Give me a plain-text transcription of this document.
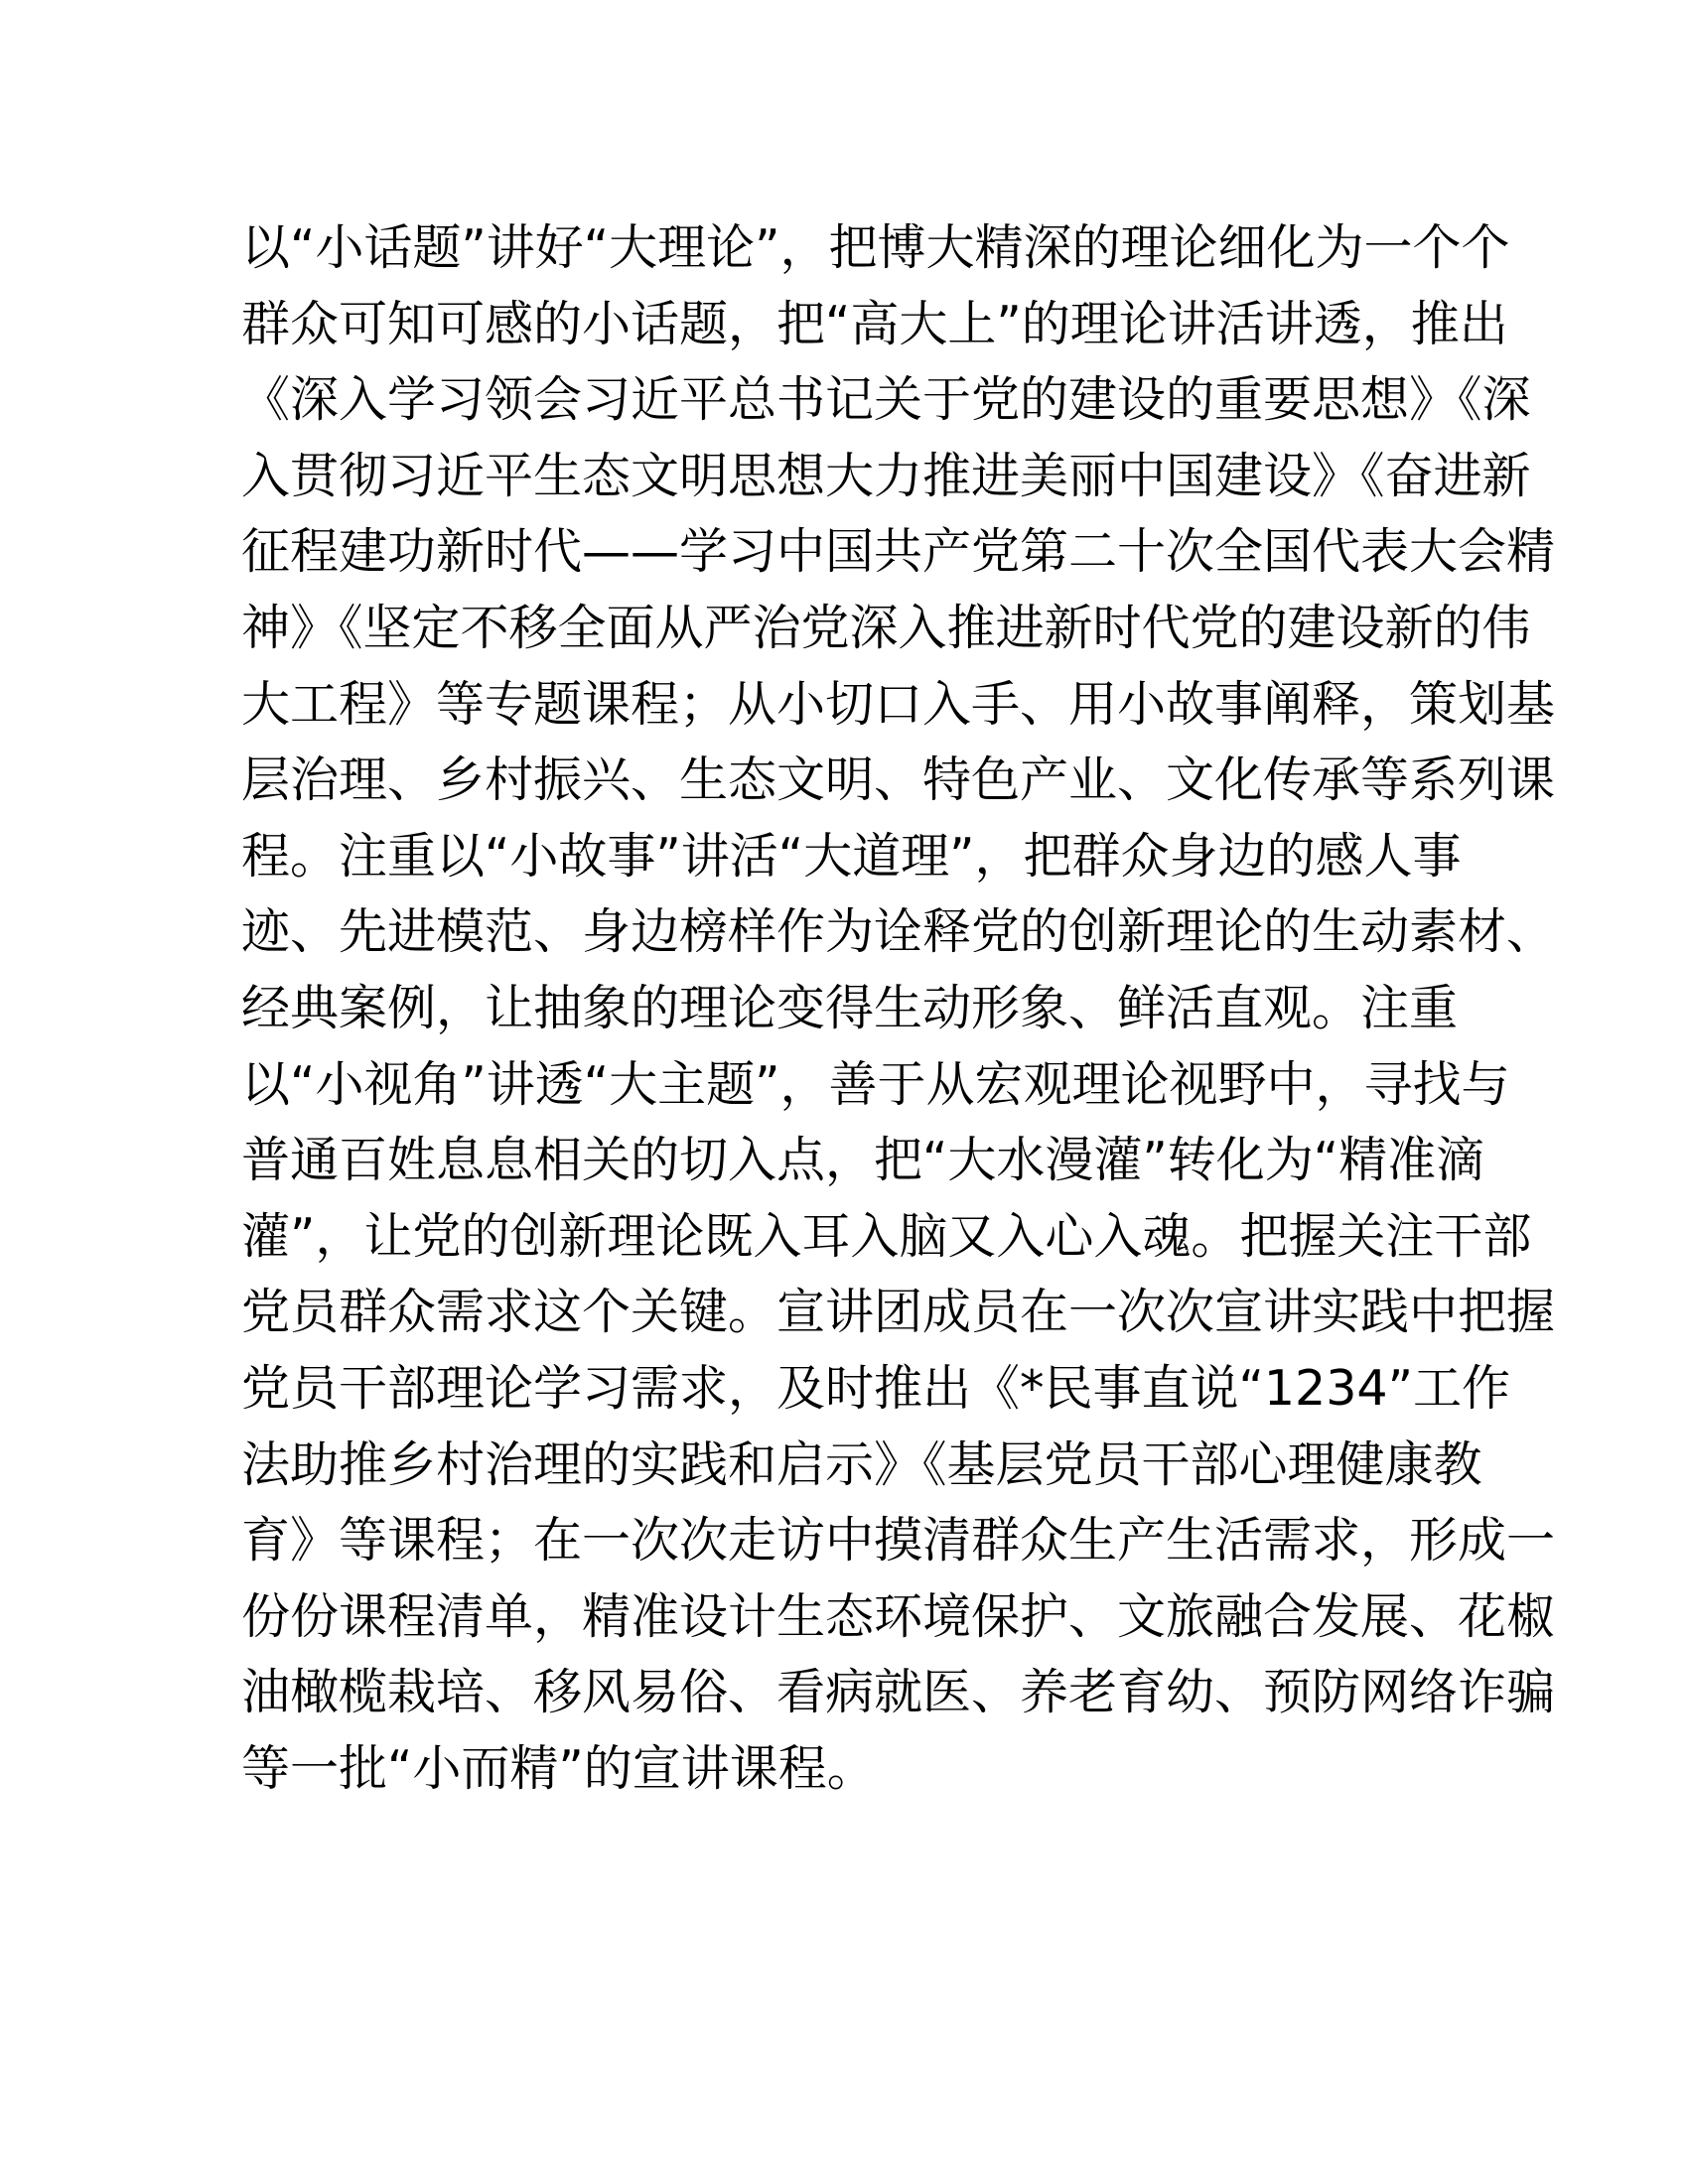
以“小话题”讲好“大理论”，把博大精深的理论细化为一个个
群众可知可感的小话题，把“高大上”的理论讲活讲透，推出
《深入学习领会习近平总书记关于党的建设的重要思想》《深
入贯彻习近平生态文明思想大力推进美丽中国建设》《奋进新
征程建功新时代——学习中国共产党第二十次全国代表大会精
神》《坚定不移全面从严治党深入推进新时代党的建设新的伟
大工程》等专题课程；从小切口入手、用小故事阐释，策划基
层治理、乡村振兴、生态文明、特色产业、文化传承等系列课
程。注重以“小故事”讲活“大道理”，把群众身边的感人事
迹、先进模范、身边榜样作为诠释党的创新理论的生动素材、
经典案例，让抽象的理论变得生动形象、鲜活直观。注重
以“小视角”讲透“大主题”，善于从宏观理论视野中，寻找与
普通百姓息息相关的切入点，把“大水漫灌”转化为“精准滴
灌”，让党的创新理论既入耳入脑又入心入魂。把握关注干部
党员群众需求这个关键。宣讲团成员在一次次宣讲实践中把握
党员干部理论学习需求，及时推出《*民事直说“1234”工作
法助推乡村治理的实践和启示》《基层党员干部心理健康教
育》等课程；在一次次走访中摸清群众生产生活需求，形成一
份份课程清单，精准设计生态环境保护、文旅融合发展、花椒
油橄榄栽培、移风易俗、看病就医、养老育幼、预防网络诈骗
等一批“小而精”的宣讲课程。
